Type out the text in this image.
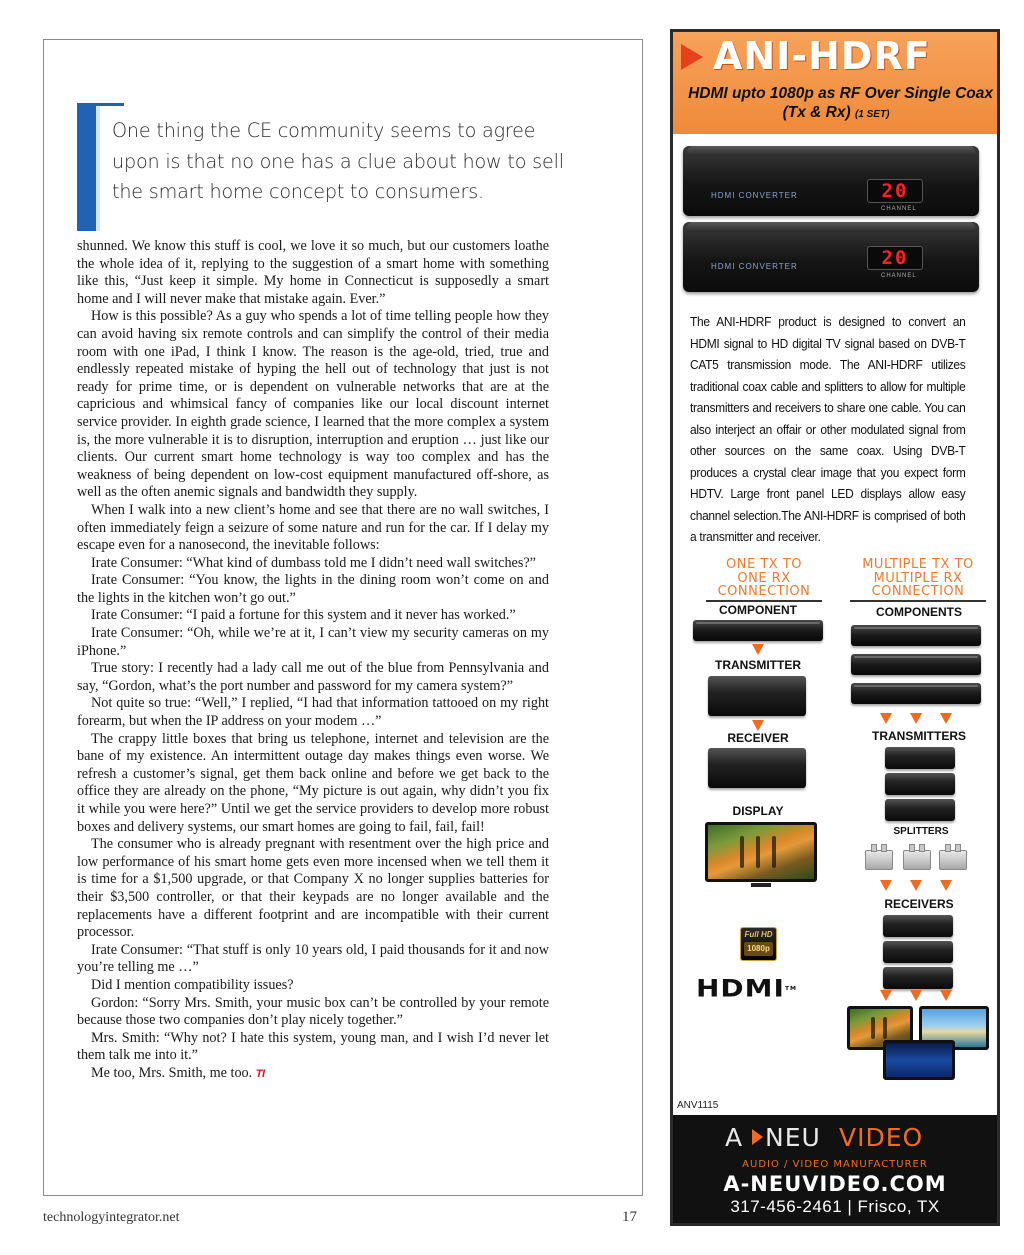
One thing the CE community seems to agree upon is that no one has a clue about how to sell the smart home concept to consumers.

shunned. We know this stuff is cool, we love it so much, but our customers loathe the whole idea of it, replying to the suggestion of a smart home with something like this, “Just keep it simple. My home in Connecticut is supposedly a smart home and I will never make that mistake again. Ever.”

How is this possible? As a guy who spends a lot of time telling people how they can avoid having six remote controls and can simplify the control of their media room with one iPad, I think I know. The reason is the age-old, tried, true and endlessly repeated mistake of hyping the hell out of technology that just is not ready for prime time, or is dependent on vulnerable networks that are at the capricious and whimsical fancy of companies like our local discount internet service provider. In eighth grade science, I learned that the more complex a system is, the more vulnerable it is to disruption, interruption and eruption … just like our clients. Our current smart home technology is way too complex and has the weakness of being dependent on low-cost equipment manufactured off-shore, as well as the often anemic signals and bandwidth they supply.

When I walk into a new client’s home and see that there are no wall switches, I often immediately feign a seizure of some nature and run for the car. If I delay my escape even for a nanosecond, the inevitable follows:

Irate Consumer: “What kind of dumbass told me I didn’t need wall switches?”

Irate Consumer: “You know, the lights in the dining room won’t come on and the lights in the kitchen won’t go out.”

Irate Consumer: “I paid a fortune for this system and it never has worked.”

Irate Consumer: “Oh, while we’re at it, I can’t view my security cameras on my iPhone.”

True story: I recently had a lady call me out of the blue from Pennsylvania and say, “Gordon, what’s the port number and password for my camera system?”

Not quite so true: “Well,” I replied, “I had that information tattooed on my right forearm, but when the IP address on your modem …”

The crappy little boxes that bring us telephone, internet and television are the bane of my existence. An intermittent outage day makes things even worse. We refresh a customer’s signal, get them back online and before we get back to the office they are already on the phone, “My picture is out again, why didn’t you fix it while you were here?” Until we get the service providers to develop more robust boxes and delivery systems, our smart homes are going to fail, fail, fail!

The consumer who is already pregnant with resentment over the high price and low performance of his smart home gets even more incensed when we tell them it is time for a $1,500 upgrade, or that Company X no longer supplies batteries for their $3,500 controller, or that their keypads are no longer available and the replacements have a different footprint and are incompatible with their current processor.

Irate Consumer: “That stuff is only 10 years old, I paid thousands for it and now you’re telling me …”

Did I mention compatibility issues?

Gordon: “Sorry Mrs. Smith, your music box can’t be controlled by your remote because those two companies don’t play nicely together.”

Mrs. Smith: “Why not? I hate this system, young man, and I wish I’d never let them talk me into it.”

Me too, Mrs. Smith, me too. TI

technologyintegrator.net	17
ANI-HDRF
HDMI upto 1080p as RF Over Single Coax
(Tx & Rx) (1 SET)
HDMI CONVERTER	20
CHANNEL
HDMI CONVERTER	20
CHANNEL
The ANI-HDRF product is designed to convert an HDMI signal to HD digital TV signal based on DVB-T CAT5 transmission mode. The ANI-HDRF utilizes traditional coax cable and splitters to allow for multiple transmitters and receivers to share one cable. You can also interject an offair or other modulated signal from other sources on the same coax. Using DVB-T produces a crystal clear image that you expect form HDTV. Large front panel LED displays allow easy channel selection.The ANI-HDRF is comprised of both a transmitter and receiver.
ONE TX TO
ONE RX
CONNECTION
COMPONENT
TRANSMITTER
RECEIVER
DISPLAY
Full HD
1080p
HDMI™
MULTIPLE TX TO
MULTIPLE RX
CONNECTION
COMPONENTS
TRANSMITTERS
SPLITTERS
RECEIVERS
ANV1115
A NEU VIDEO
AUDIO / VIDEO MANUFACTURER
A-NEUVIDEO.COM
317-456-2461 | Frisco, TX
